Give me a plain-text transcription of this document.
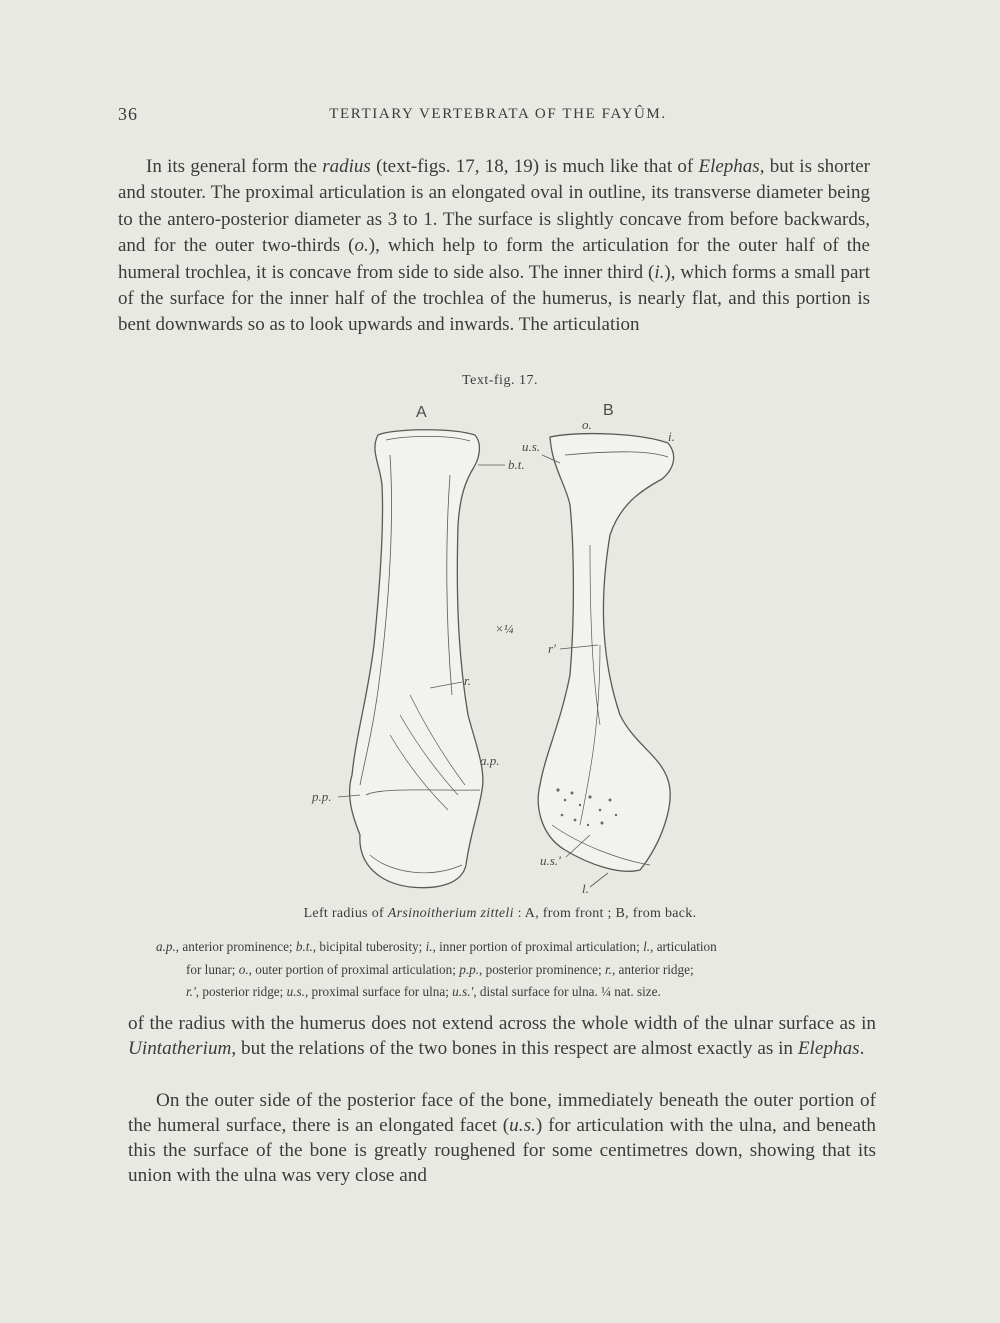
36	TERTIARY VERTEBRATA OF THE FAYÛM.
In its general form the radius (text-figs. 17, 18, 19) is much like that of Elephas, but is shorter and stouter. The proximal articulation is an elongated oval in outline, its transverse diameter being to the antero-posterior diameter as 3 to 1. The surface is slightly concave from before backwards, and for the outer two-thirds (o.), which help to form the articulation for the outer half of the humeral trochlea, it is concave from side to side also. The inner third (i.), which forms a small part of the surface for the inner half of the trochlea of the humerus, is nearly flat, and this portion is bent downwards so as to look upwards and inwards. The articulation
Text-fig. 17.
A	B
×¼
b.t.
r.
a.p.
p.p.
o.
u.s.
i.
r'
u.s.'
l.
Left radius of Arsinoitherium zitteli : A, from front ; B, from back.
a.p., anterior prominence; b.t., bicipital tuberosity; i., inner portion of proximal articulation; l., articulation
for lunar; o., outer portion of proximal articulation; p.p., posterior prominence; r., anterior ridge;
r.', posterior ridge; u.s., proximal surface for ulna; u.s.', distal surface for ulna. ¼ nat. size.
of the radius with the humerus does not extend across the whole width of the ulnar surface as in Uintatherium, but the relations of the two bones in this respect are almost exactly as in Elephas.
On the outer side of the posterior face of the bone, immediately beneath the outer portion of the humeral surface, there is an elongated facet (u.s.) for articulation with the ulna, and beneath this the surface of the bone is greatly roughened for some centimetres down, showing that its union with the ulna was very close and
